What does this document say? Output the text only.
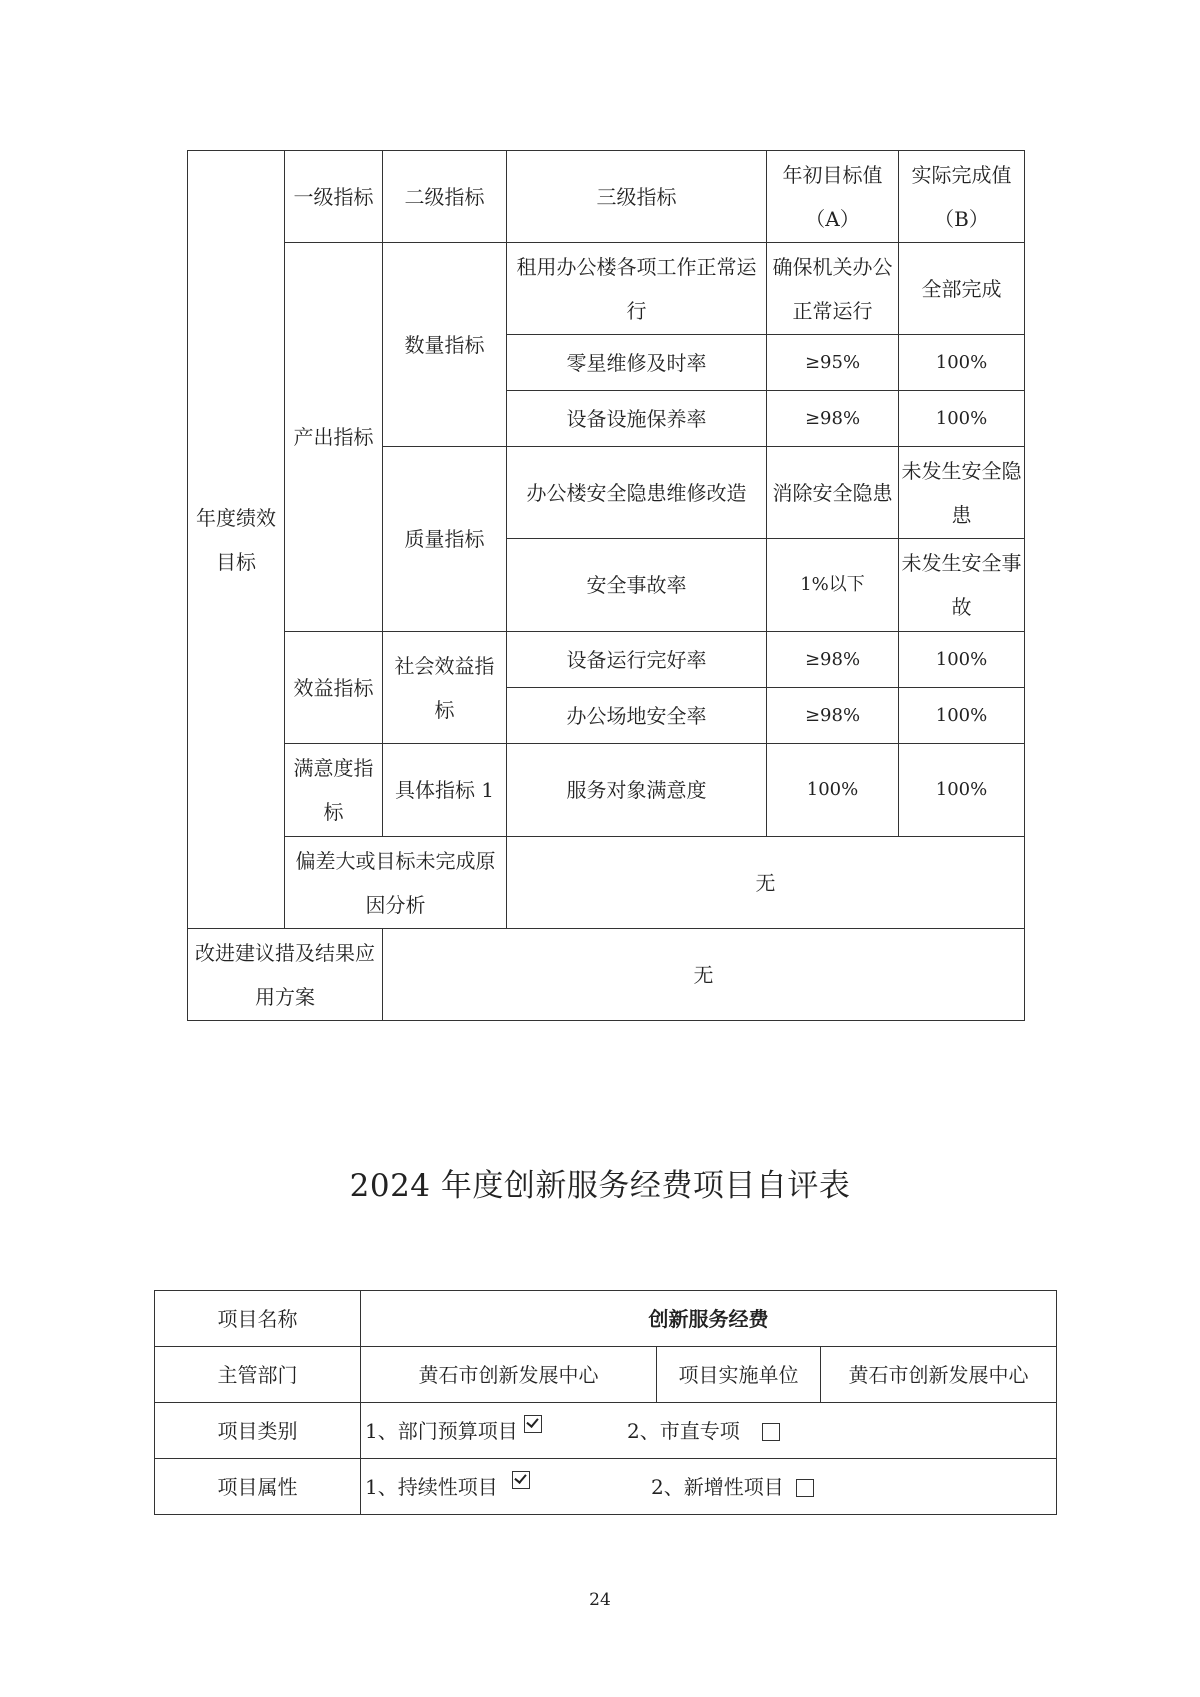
年度绩效目标	一级指标	二级指标	三级指标	年初目标值（A）	实际完成值（B）
	产出指标	数量指标	租用办公楼各项工作正常运行	确保机关办公正常运行	全部完成
			零星维修及时率	≥95%	100%
			设备设施保养率	≥98%	100%
		质量指标	办公楼安全隐患维修改造	消除安全隐患	未发生安全隐患
			安全事故率	1%以下	未发生安全事故
	效益指标	社会效益指标	设备运行完好率	≥98%	100%
			办公场地安全率	≥98%	100%
	满意度指标	具体指标 1	服务对象满意度	100%	100%
	偏差大或目标未完成原因分析		无		
改进建议措及结果应用方案		无			
2024 年度创新服务经费项目自评表
项目名称	创新服务经费		
主管部门	黄石市创新发展中心	项目实施单位	黄石市创新发展中心
项目类别	1、部门预算项目 2、市直专项		
项目属性	1、持续性项目 2、新增性项目		
24
